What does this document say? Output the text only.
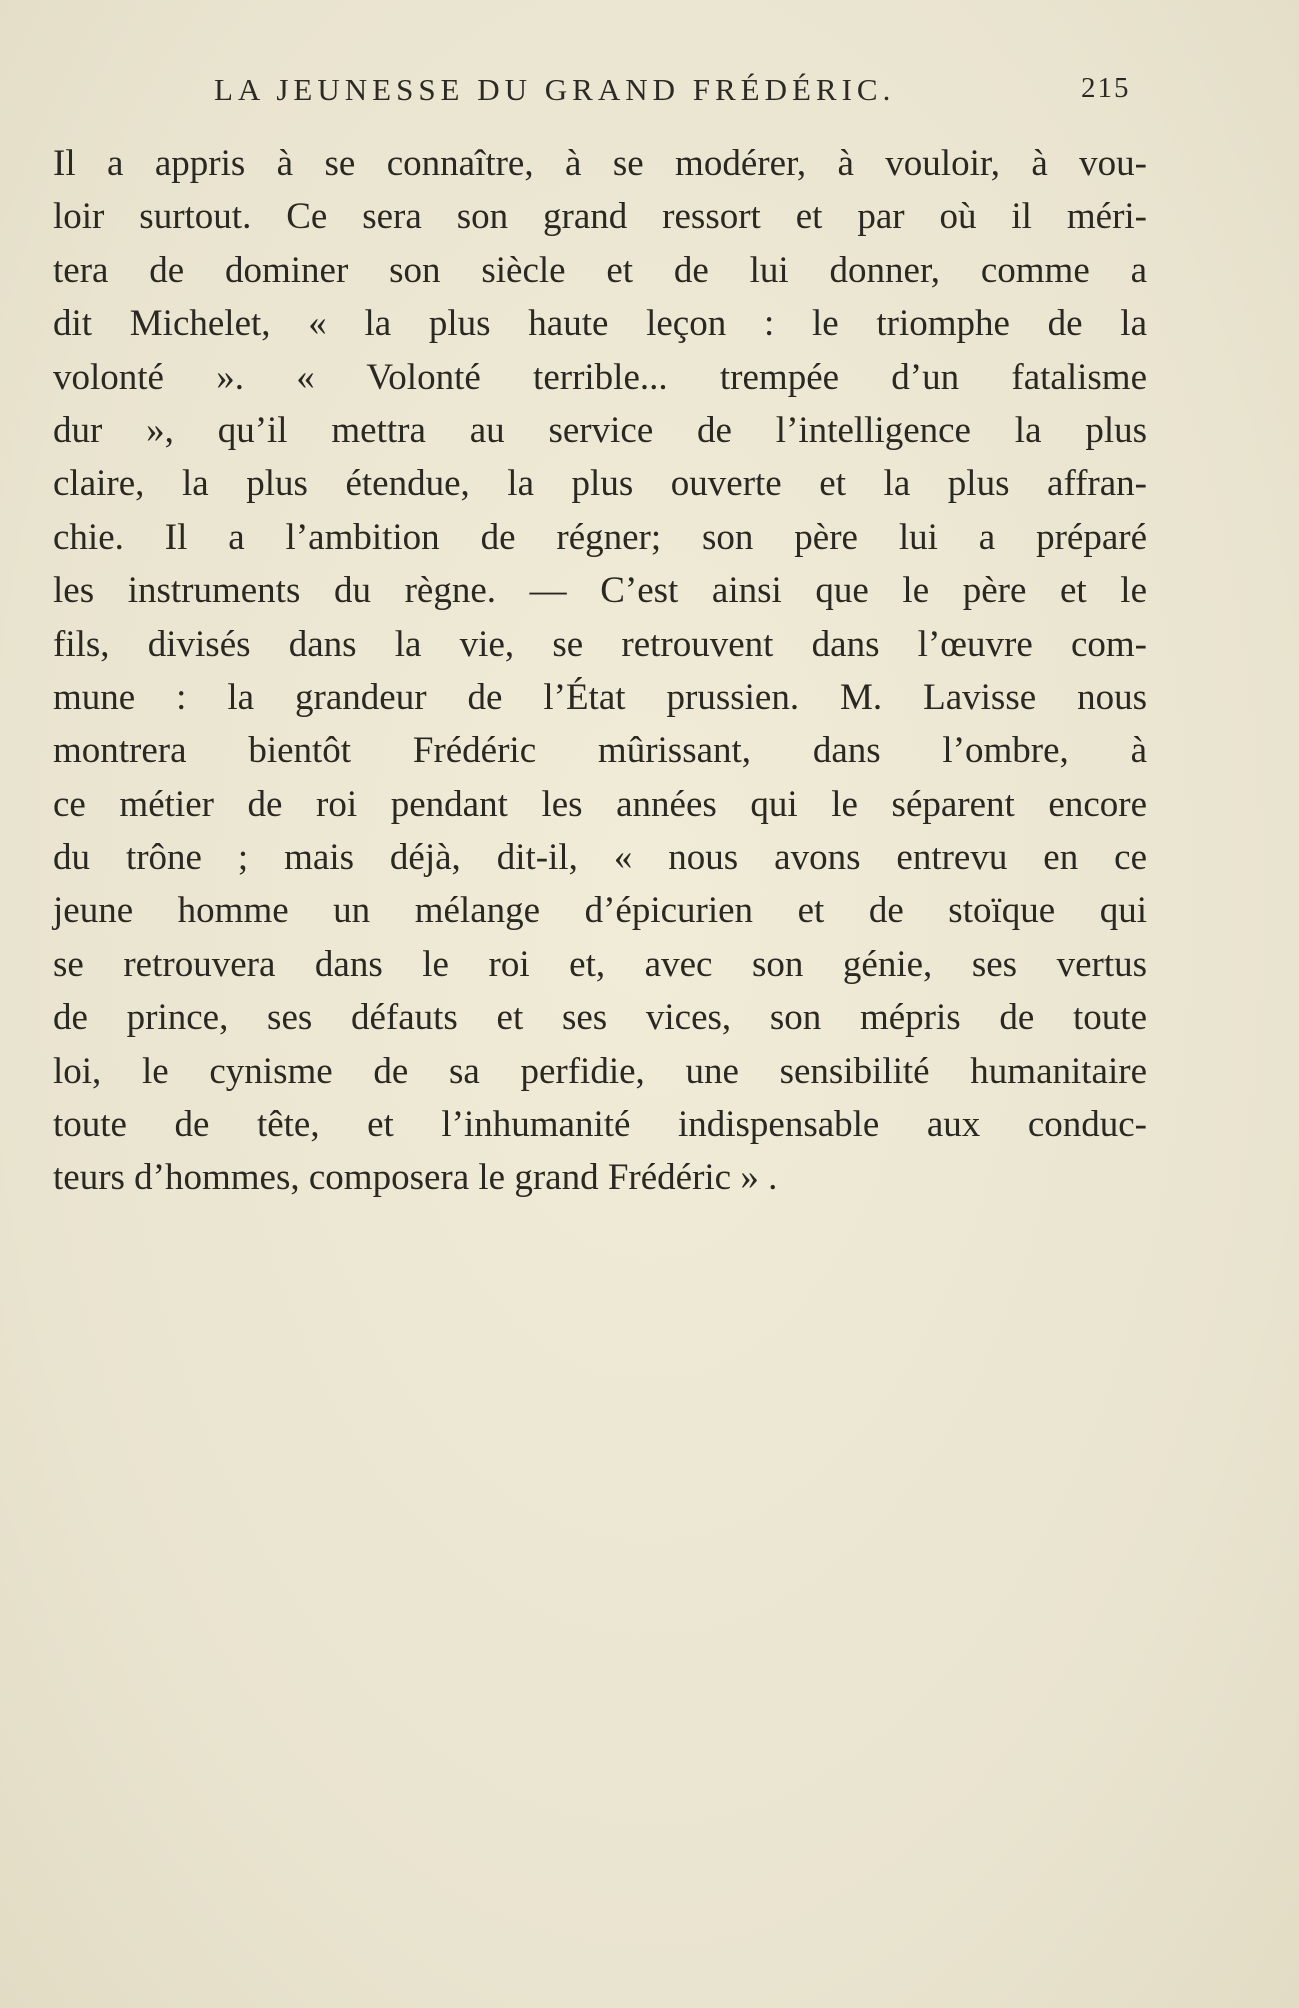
LA JEUNESSE DU GRAND FRÉDÉRIC.	215
Il a appris à se connaître, à se modérer, à vouloir, à vou-
loir surtout. Ce sera son grand ressort et par où il méri-
tera de dominer son siècle et de lui donner, comme a
dit Michelet, « la plus haute leçon : le triomphe de la
volonté ». « Volonté terrible... trempée d’un fatalisme
dur », qu’il mettra au service de l’intelligence la plus
claire, la plus étendue, la plus ouverte et la plus affran-
chie. Il a l’ambition de régner; son père lui a préparé
les instruments du règne. — C’est ainsi que le père et le
fils, divisés dans la vie, se retrouvent dans l’œuvre com-
mune : la grandeur de l’État prussien. M. Lavisse nous
montrera bientôt Frédéric mûrissant, dans l’ombre, à
ce métier de roi pendant les années qui le séparent encore
du trône ; mais déjà, dit-il, « nous avons entrevu en ce
jeune homme un mélange d’épicurien et de stoïque qui
se retrouvera dans le roi et, avec son génie, ses vertus
de prince, ses défauts et ses vices, son mépris de toute
loi, le cynisme de sa perfidie, une sensibilité humanitaire
toute de tête, et l’inhumanité indispensable aux conduc-
teurs d’hommes, composera le grand Frédéric » .
